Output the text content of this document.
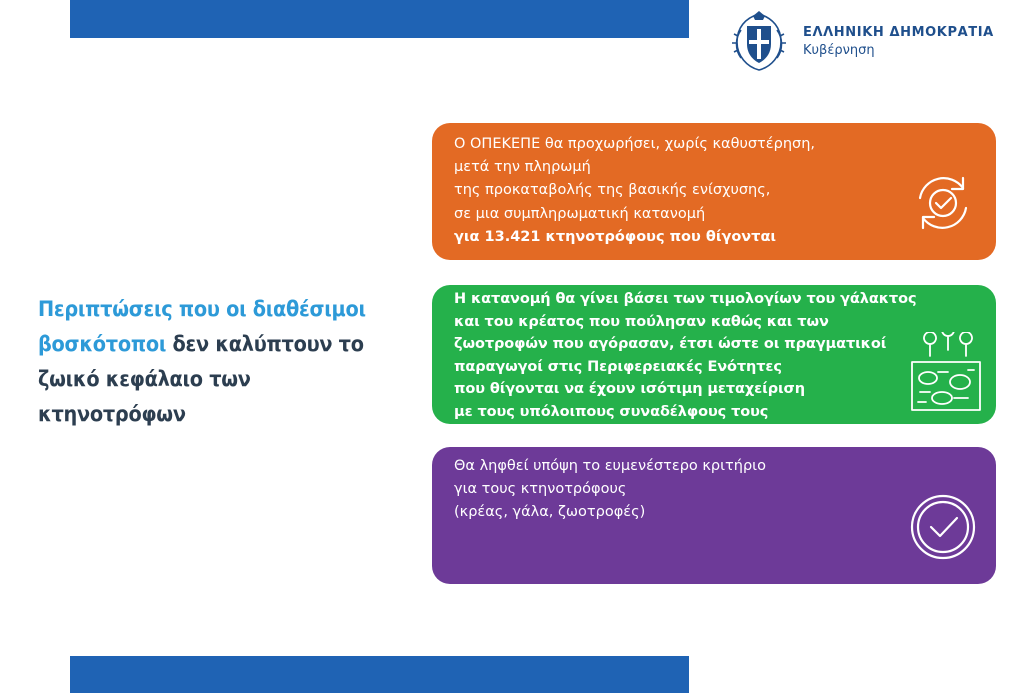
ΕΛΛΗΝΙΚΗ ΔΗΜΟΚΡΑΤΙΑ
Κυβέρνηση
Περιπτώσεις που οι διαθέσιμοι
βοσκότοποι δεν καλύπτουν το
ζωικό κεφάλαιο των κτηνοτρόφων
Ο ΟΠΕΚΕΠΕ θα προχωρήσει, χωρίς καθυστέρηση,
μετά την πληρωμή
της προκαταβολής της βασικής ενίσχυσης,
σε μια συμπληρωματική κατανομή
για 13.421 κτηνοτρόφους που θίγονται
Η κατανομή θα γίνει βάσει των τιμολογίων του γάλακτος
και του κρέατος που πούλησαν καθώς και των
ζωοτροφών που αγόρασαν, έτσι ώστε οι πραγματικοί
παραγωγοί στις Περιφερειακές Ενότητες
που θίγονται να έχουν ισότιμη μεταχείριση
με τους υπόλοιπους συναδέλφους τους
Θα ληφθεί υπόψη το ευμενέστερο κριτήριο
για τους κτηνοτρόφους
(κρέας, γάλα, ζωοτροφές)
